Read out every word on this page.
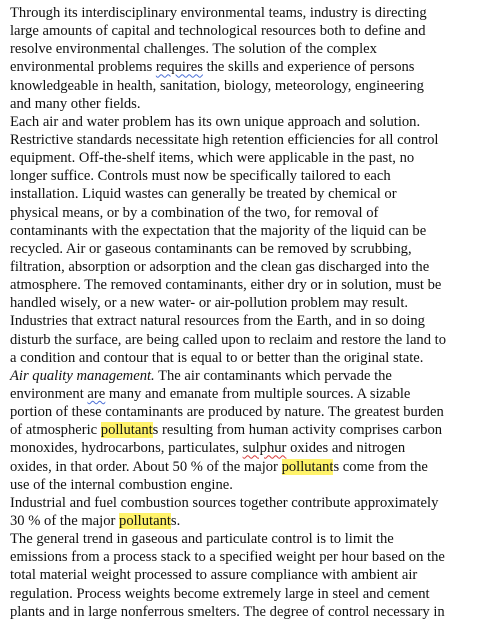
Through its interdisciplinary environmental teams, industry is directing
large amounts of capital and technological resources both to define and
resolve environmental challenges. The solution of the complex
environmental problems requires the skills and experience of persons
knowledgeable in health, sanitation, biology, meteorology, engineering
and many other fields.
Each air and water problem has its own unique approach and solution.
Restrictive standards necessitate high retention efficiencies for all control
equipment. Off-the-shelf items, which were applicable in the past, no
longer suffice. Controls must now be specifically tailored to each
installation. Liquid wastes can generally be treated by chemical or
physical means, or by a combination of the two, for removal of
contaminants with the expectation that the majority of the liquid can be
recycled. Air or gaseous contaminants can be removed by scrubbing,
filtration, absorption or adsorption and the clean gas discharged into the
atmosphere. The removed contaminants, either dry or in solution, must be
handled wisely, or a new water- or air-pollution problem may result.
Industries that extract natural resources from the Earth, and in so doing
disturb the surface, are being called upon to reclaim and restore the land to
a condition and contour that is equal to or better than the original state.
Air quality management. The air contaminants which pervade the
environment are many and emanate from multiple sources. A sizable
portion of these contaminants are produced by nature. The greatest burden
of atmospheric pollutants resulting from human activity comprises carbon
monoxides, hydrocarbons, particulates, sulphur oxides and nitrogen
oxides, in that order. About 50 % of the major pollutants come from the
use of the internal combustion engine.
Industrial and fuel combustion sources together contribute approximately
30 % of the major pollutants.
The general trend in gaseous and particulate control is to limit the
emissions from a process stack to a specified weight per hour based on the
total material weight processed to assure compliance with ambient air
regulation. Process weights become extremely large in steel and cement
plants and in large nonferrous smelters. The degree of control necessary in
